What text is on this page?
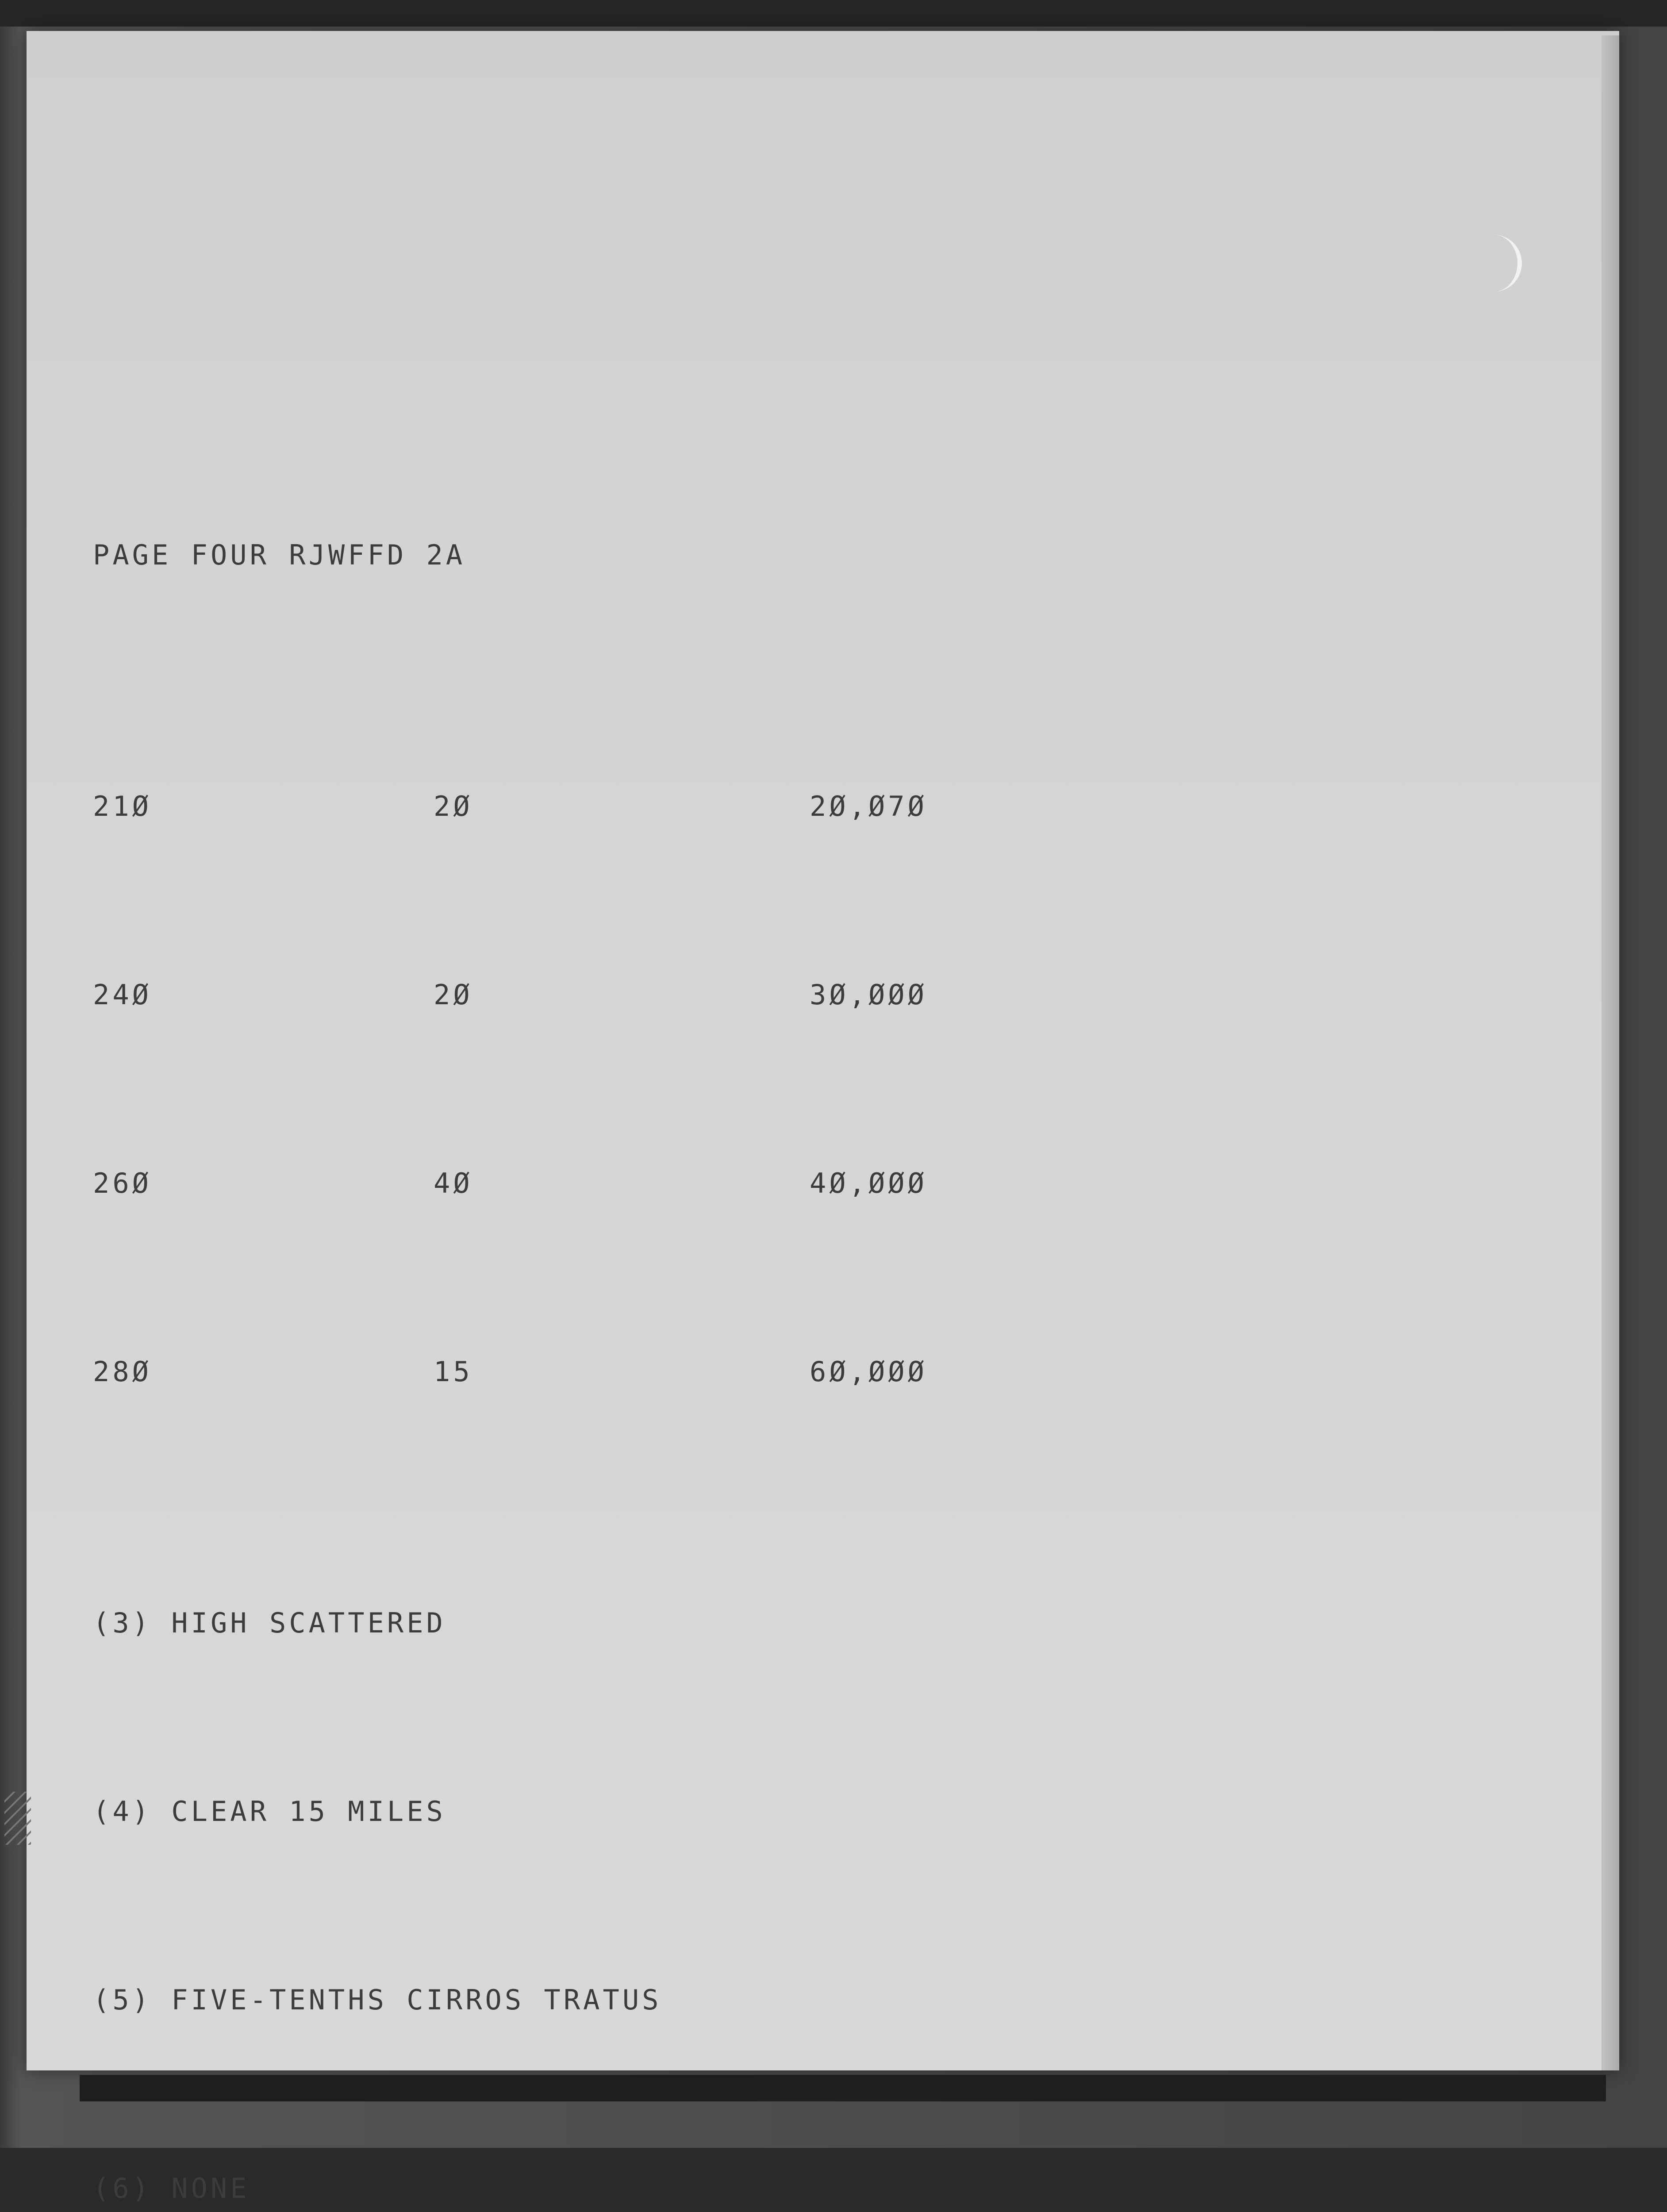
PAGE FOUR RJWFFD 2A

21Ø	2Ø	2Ø,Ø7Ø

24Ø	2Ø	3Ø,ØØØ

26Ø	4Ø	4Ø,ØØØ

28Ø	15	6Ø,ØØØ

(3) HIGH SCATTERED

(4) CLEAR 15 MILES

(5) FIVE-TENTHS CIRROS TRATUS

(6) NONE
